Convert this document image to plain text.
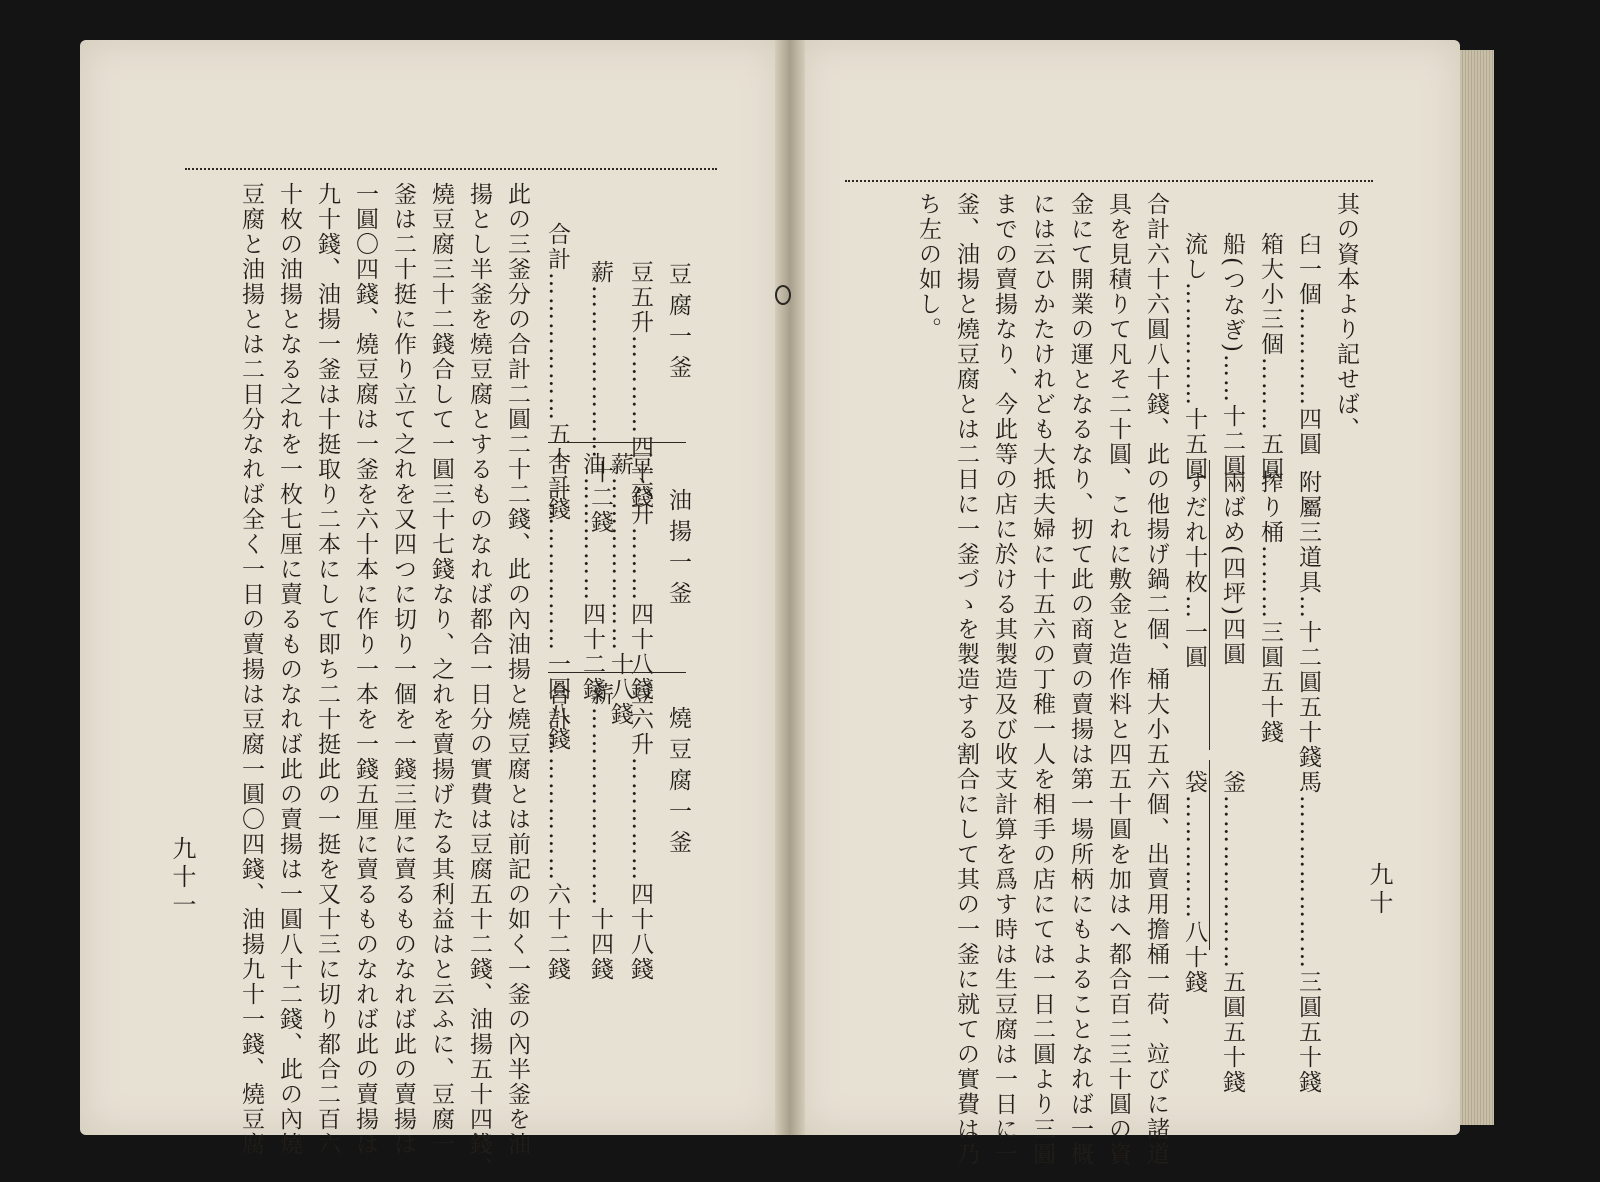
豆腐一釜
豆五升…………四十錢
薪…………………十二錢
合計………………五十二錢
油揚一釜
豆六升………四十八錢
薪…………………十八錢
油……………四十二錢
合計………………一圓八錢
燒豆腐一釜
豆六升……………四十八錢
薪……………………十四錢
合計………………六十二錢
此の三釜分の合計二圓二十二錢、此の內油揚と燒豆腐とは前記の如く一釜の內半釜を油
揚とし半釜を燒豆腐とするものなれば都合一日分の實費は豆腐五十二錢、油揚五十四錢、
燒豆腐三十二錢合して一圓三十七錢なり、之れを賣揚げたる其利益はと云ふに、豆腐一
釜は二十挺に作り立て之れを又四つに切り一個を一錢三厘に賣るものなれば此の賣揚は
一圓〇四錢、燒豆腐は一釜を六十本に作り一本を一錢五厘に賣るものなれば此の賣揚は
九十錢、油揚一釜は十挺取り二本にして即ち二十挺此の一挺を又十三に切り都合二百六
十枚の油揚となる之れを一枚七厘に賣るものなれば此の賣揚は一圓八十二錢、此の內燒
豆腐と油揚とは二日分なれば全く一日の賣揚は豆腐一圓〇四錢、油揚九十一錢、燒豆腐
九十一
其の資本より記せば、
臼一個…………四圓
附屬三道具…十二圓五十錢
馬…………………三圓五十錢
箱大小三個………五圓
搾り桶………三圓五十錢
船(つなぎ)……十二圓
兩ばめ(四坪)四圓
釜…………………五圓五十錢
流し……………十五圓
すだれ十枚…一圓
袋……………八十錢
合計六十六圓八十錢、此の他揚げ鍋二個、桶大小五六個、出賣用擔桶一荷、竝びに諸道
具を見積りて凡そ二十圓、これに敷金と造作料と四五十圓を加はへ都合百二三十圓の資
金にて開業の運となるなり、扨て此の商賣の賣揚は第一場所柄にもよることなれば一概
には云ひかたけれども大抵夫婦に十五六の丁稚一人を相手の店にては一日二圓より三圓
までの賣揚なり、今此等の店に於ける其製造及び收支計算を爲す時は生豆腐は一日に一
釜、油揚と燒豆腐とは二日に一釜づゝを製造する割合にして其の一釜に就ての實費は乃
ち左の如し。
九十
